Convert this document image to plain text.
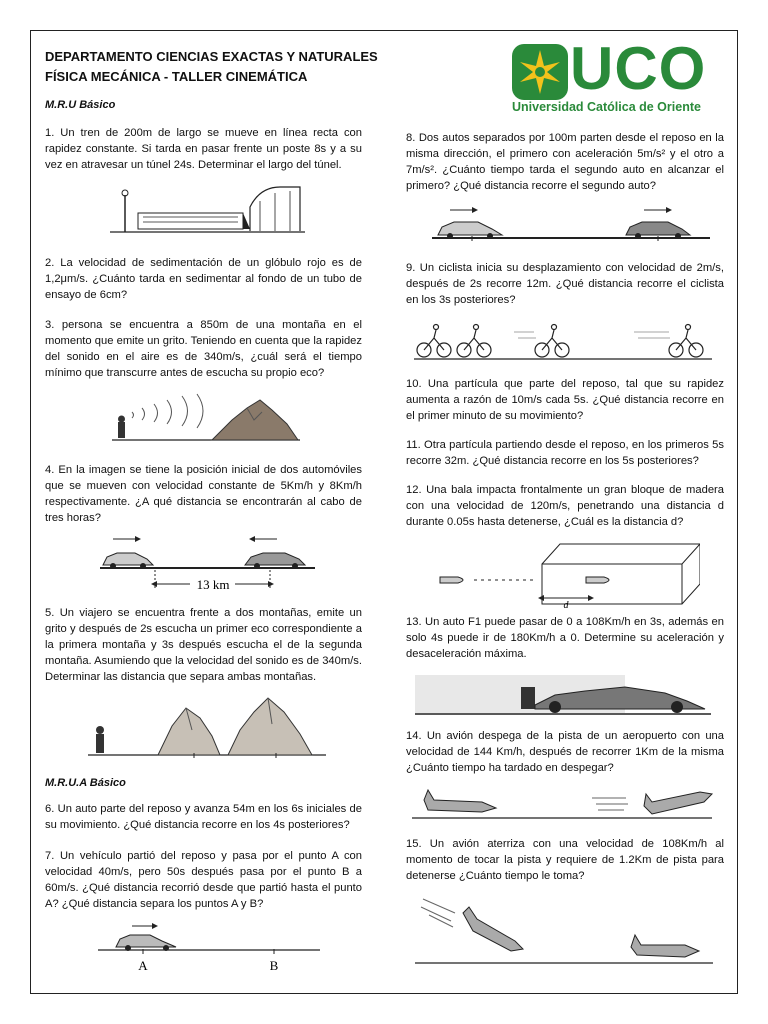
DEPARTAMENTO CIENCIAS EXACTAS Y NATURALES
FÍSICA MECÁNICA - TALLER CINEMÁTICA	UCO
Universidad Católica de Oriente
M.R.U Básico

1. Un tren de 200m de largo se mueve en línea recta con rapidez constante. Si tarda en pasar frente un poste 8s y a su vez en atravesar un túnel 24s. Determinar el largo del túnel.

2. La velocidad de sedimentación de un glóbulo rojo es de 1,2μm/s. ¿Cuánto tarda en sedimentar al fondo de un tubo de ensayo de 6cm?

3. persona se encuentra a 850m de una montaña en el momento que emite un grito. Teniendo en cuenta que la rapidez del sonido en el aire es de 340m/s, ¿cuál será el tiempo mínimo que transcurre antes de escucha su propio eco?

4. En la imagen se tiene la posición inicial de dos automóviles que se mueven con velocidad constante de 5Km/h y 8Km/h respectivamente. ¿A qué distancia se encontrarán al cabo de tres horas?

13 km

5. Un viajero se encuentra frente a dos montañas, emite un grito y después de 2s escucha un primer eco correspondiente a la primera montaña y 3s después escucha el de la segunda montaña. Asumiendo que la velocidad del sonido es de 340m/s. Determinar las distancia que separa ambas montañas.

M.R.U.A Básico

6. Un auto parte del reposo y avanza 54m en los 6s iniciales de su movimiento. ¿Qué distancia recorre en los 4s posteriores?

7. Un vehículo partió del reposo y pasa por el punto A con velocidad 40m/s, pero 50s después pasa por el punto B a 60m/s. ¿Qué distancia recorrió desde que partió hasta el punto A? ¿Qué distancia separa los puntos A y B?

A	B

8. Dos autos separados por 100m parten desde el reposo en la misma dirección, el primero con aceleración 5m/s² y el otro a 7m/s². ¿Cuánto tiempo tarda el segundo auto en alcanzar el primero? ¿Qué distancia recorre el segundo auto?

9. Un ciclista inicia su desplazamiento con velocidad de 2m/s, después de 2s recorre 12m. ¿Qué distancia recorre el ciclista en los 3s posteriores?

10. Una partícula que parte del reposo, tal que su rapidez aumenta a razón de 10m/s cada 5s. ¿Qué distancia recorre en el primer minuto de su movimiento?

11. Otra partícula partiendo desde el reposo, en los primeros 5s recorre 32m. ¿Qué distancia recorre en los 5s posteriores?

12. Una bala impacta frontalmente un gran bloque de madera con una velocidad de 120m/s, penetrando una distancia d durante 0.05s hasta detenerse, ¿Cuál es la distancia d?

d

13. Un auto F1 puede pasar de 0 a 108Km/h en 3s, además en solo 4s puede ir de 180Km/h a 0. Determine su aceleración y desaceleración máxima.

14. Un avión despega de la pista de un aeropuerto con una velocidad de 144 Km/h, después de recorrer 1Km de la misma ¿Cuánto tiempo ha tardado en despegar?

15. Un avión aterriza con una velocidad de 108Km/h al momento de tocar la pista y requiere de 1.2Km de pista para detenerse ¿Cuánto tiempo le toma?
